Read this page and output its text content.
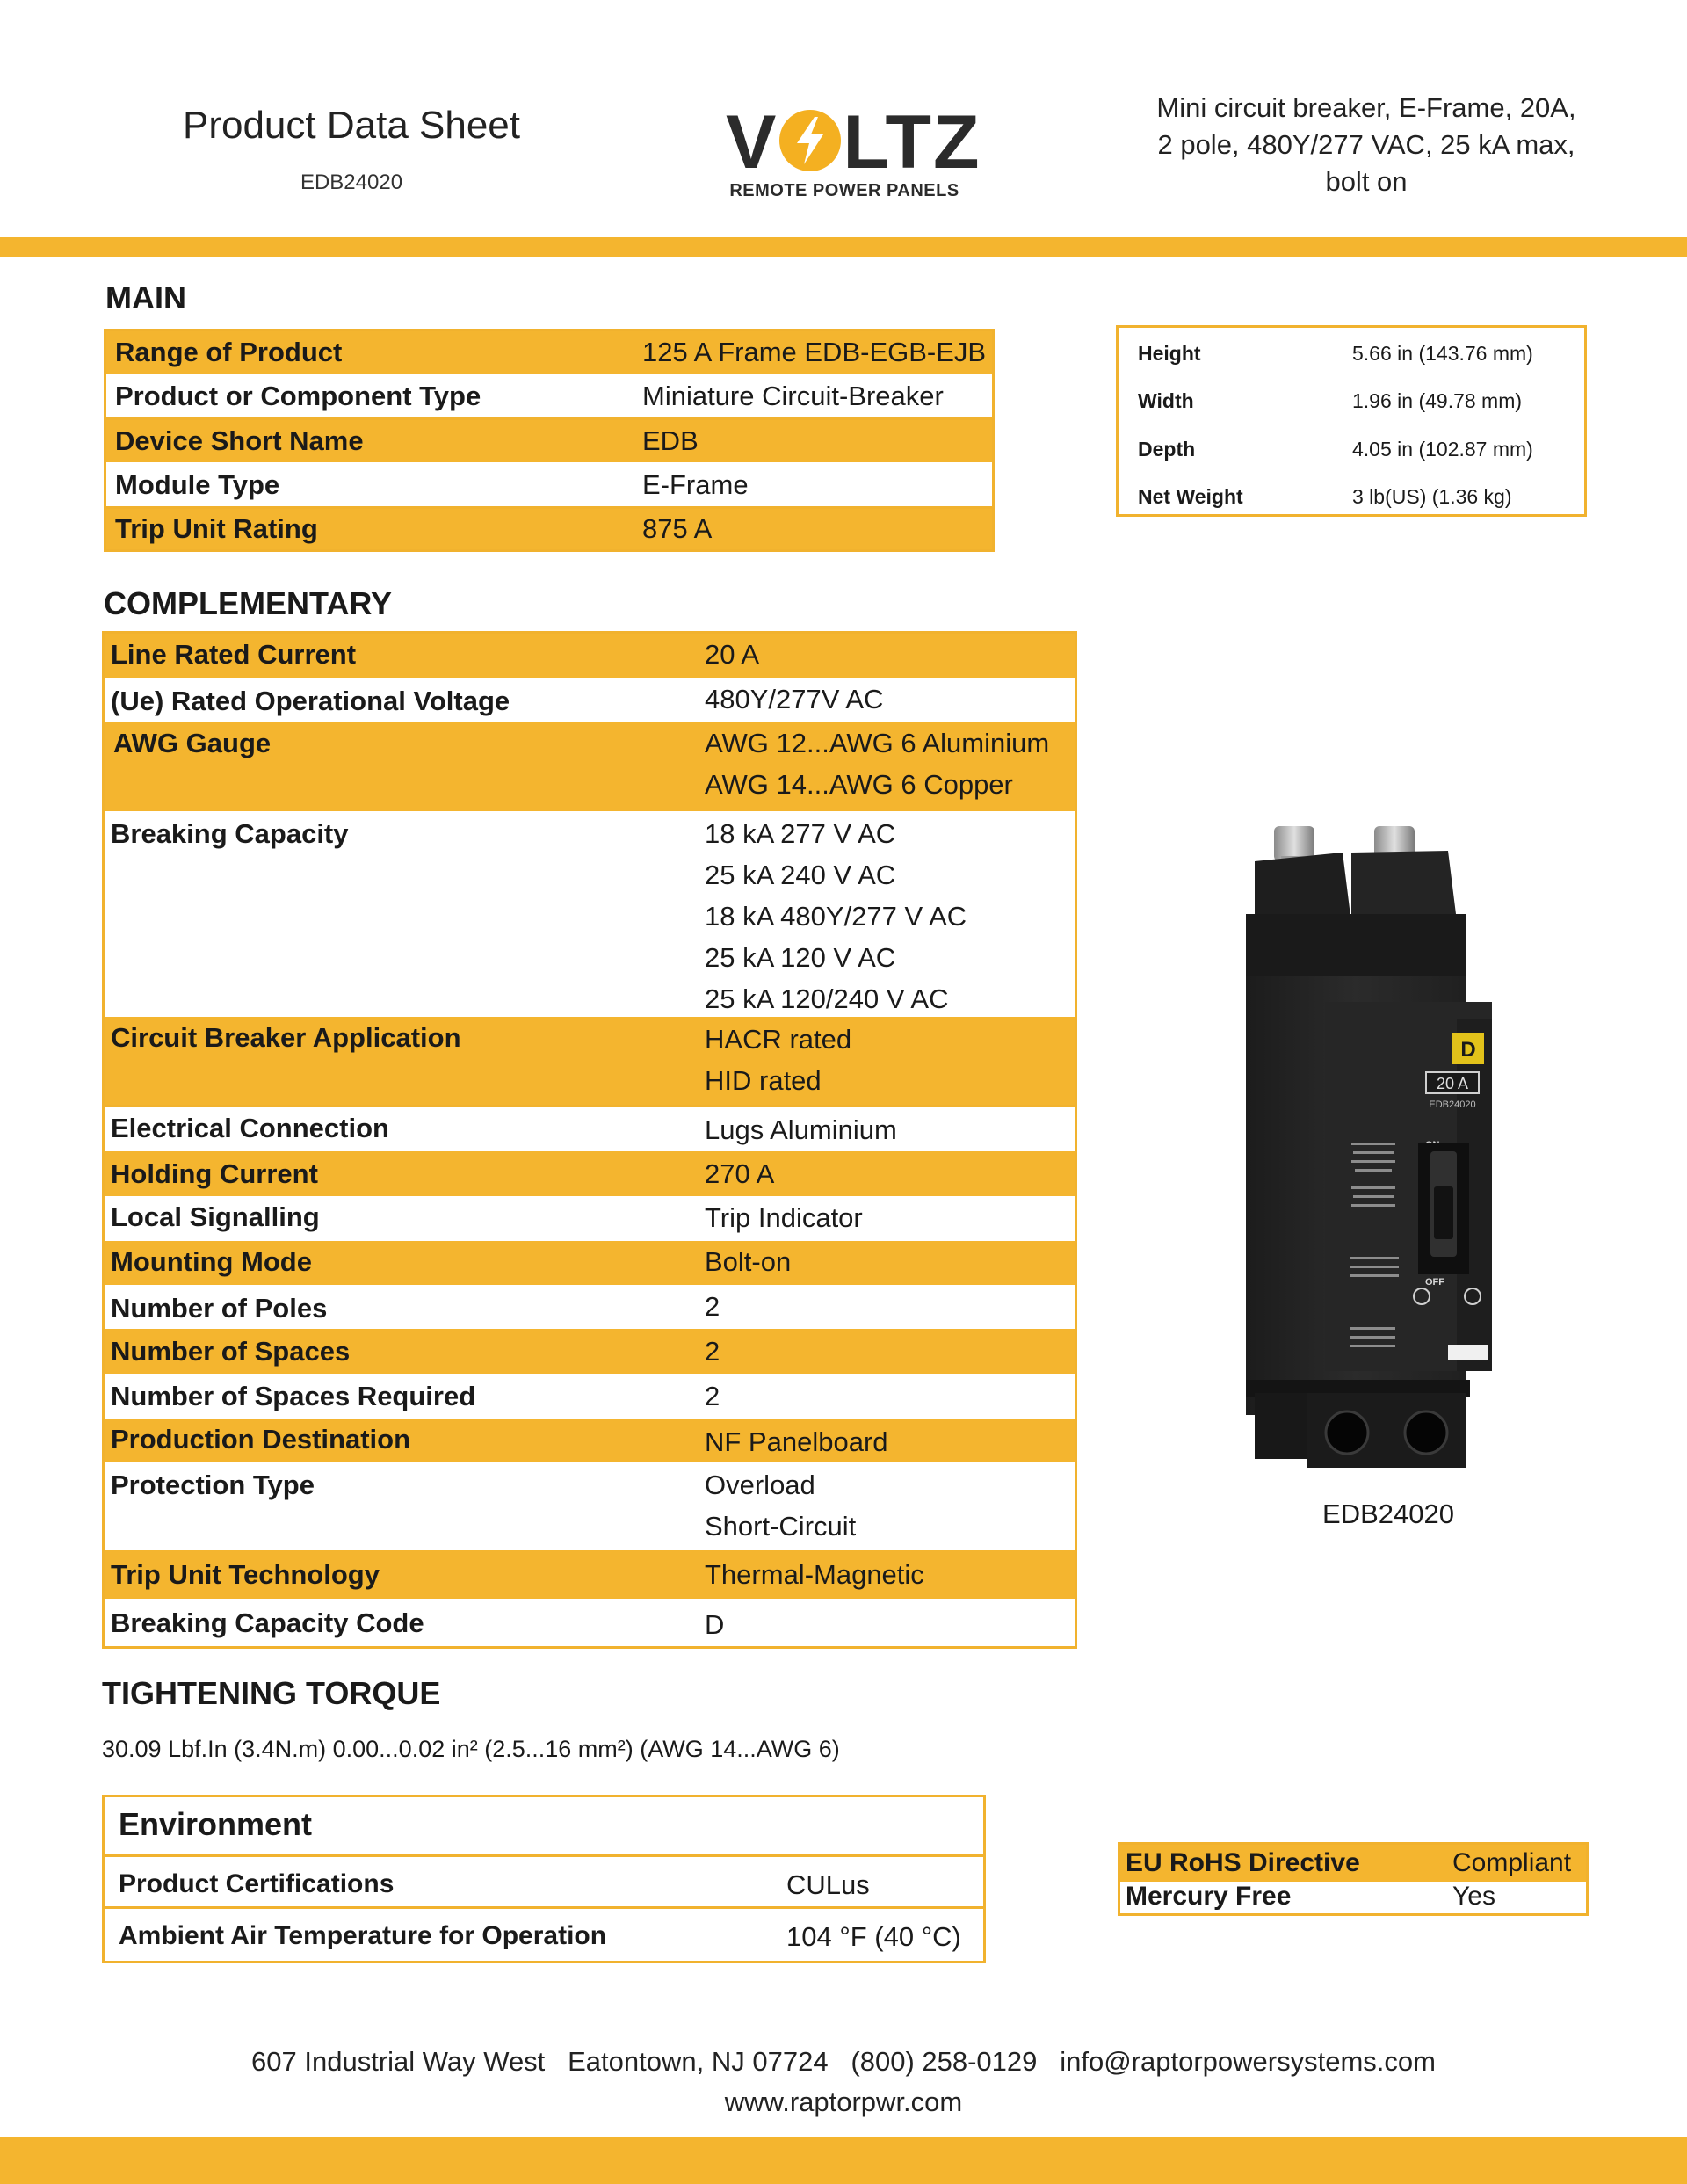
Product Data Sheet
EDB24020	V LTZ
REMOTE POWER PANELS
Mini circuit breaker, E-Frame, 20A,
2 pole, 480Y/277 VAC, 25 kA max,
bolt on
MAIN
Range of Product	125 A Frame EDB-EGB-EJB
Product or Component Type	Miniature Circuit-Breaker
Device Short Name	EDB
Module Type	E-Frame
Trip Unit Rating	875 A
Height	5.66 in (143.76 mm)
Width	1.96 in (49.78 mm)
Depth	4.05 in (102.87 mm)
Net Weight	3 lb(US) (1.36 kg)
COMPLEMENTARY
Line Rated Current	20 A
(Ue) Rated Operational Voltage	480Y/277V AC
AWG Gauge	AWG 12...AWG 6 Aluminium
AWG 14...AWG 6 Copper
Breaking Capacity	18 kA 277 V AC
25 kA 240 V AC
18 kA 480Y/277 V AC
25 kA 120 V AC
25 kA 120/240 V AC
Circuit Breaker Application	HACR rated
HID rated
Electrical Connection	Lugs Aluminium
Holding Current	270 A
Local Signalling	Trip Indicator
Mounting Mode	Bolt-on
Number of Poles	2
Number of Spaces	2
Number of Spaces Required	2
Production Destination	NF Panelboard
Protection Type	Overload
Short-Circuit
Trip Unit Technology	Thermal-Magnetic
Breaking Capacity Code	D
D
20 A
EDB24020
OFF
EDB24020
TIGHTENING TORQUE
30.09 Lbf.In (3.4N.m) 0.00...0.02 in² (2.5...16 mm²) (AWG 14...AWG 6)
Environment
Product Certifications	CULus
Ambient Air Temperature for Operation	104 °F (40 °C)
EU RoHS Directive	Compliant
Mercury Free	Yes
607 Industrial Way West   Eatontown, NJ 07724   (800) 258-0129   info@raptorpowersystems.com
www.raptorpwr.com
